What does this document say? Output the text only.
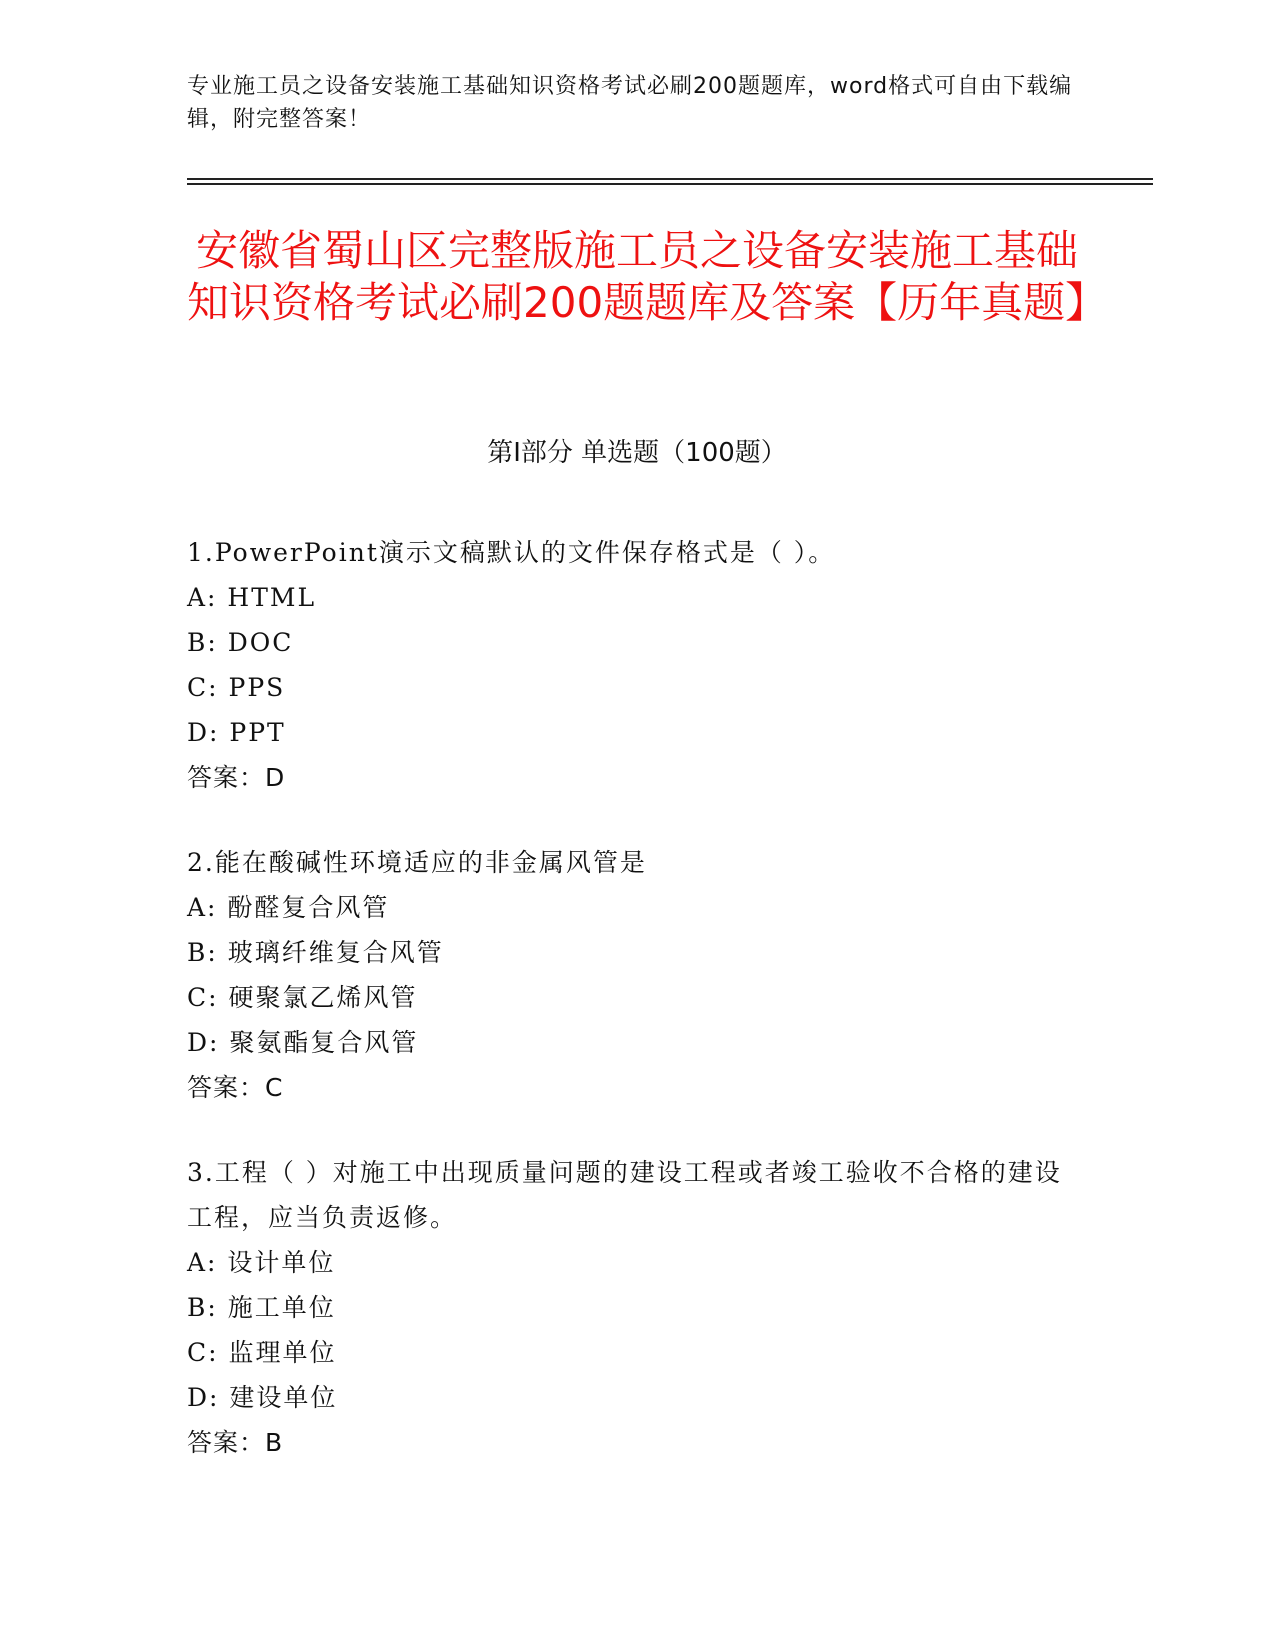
专业施工员之设备安装施工基础知识资格考试必刷200题题库，word格式可自由下载编辑，附完整答案！
安徽省蜀山区完整版施工员之设备安装施工基础知识资格考试必刷200题题库及答案【历年真题】
第I部分 单选题（100题）
1.PowerPoint演示文稿默认的文件保存格式是（ ）。
A: HTML
B: DOC
C: PPS
D: PPT
答案：D
2.能在酸碱性环境适应的非金属风管是
A: 酚醛复合风管
B: 玻璃纤维复合风管
C: 硬聚氯乙烯风管
D: 聚氨酯复合风管
答案：C
3.工程（ ）对施工中出现质量问题的建设工程或者竣工验收不合格的建设工程，应当负责返修。
A: 设计单位
B: 施工单位
C: 监理单位
D: 建设单位
答案：B
